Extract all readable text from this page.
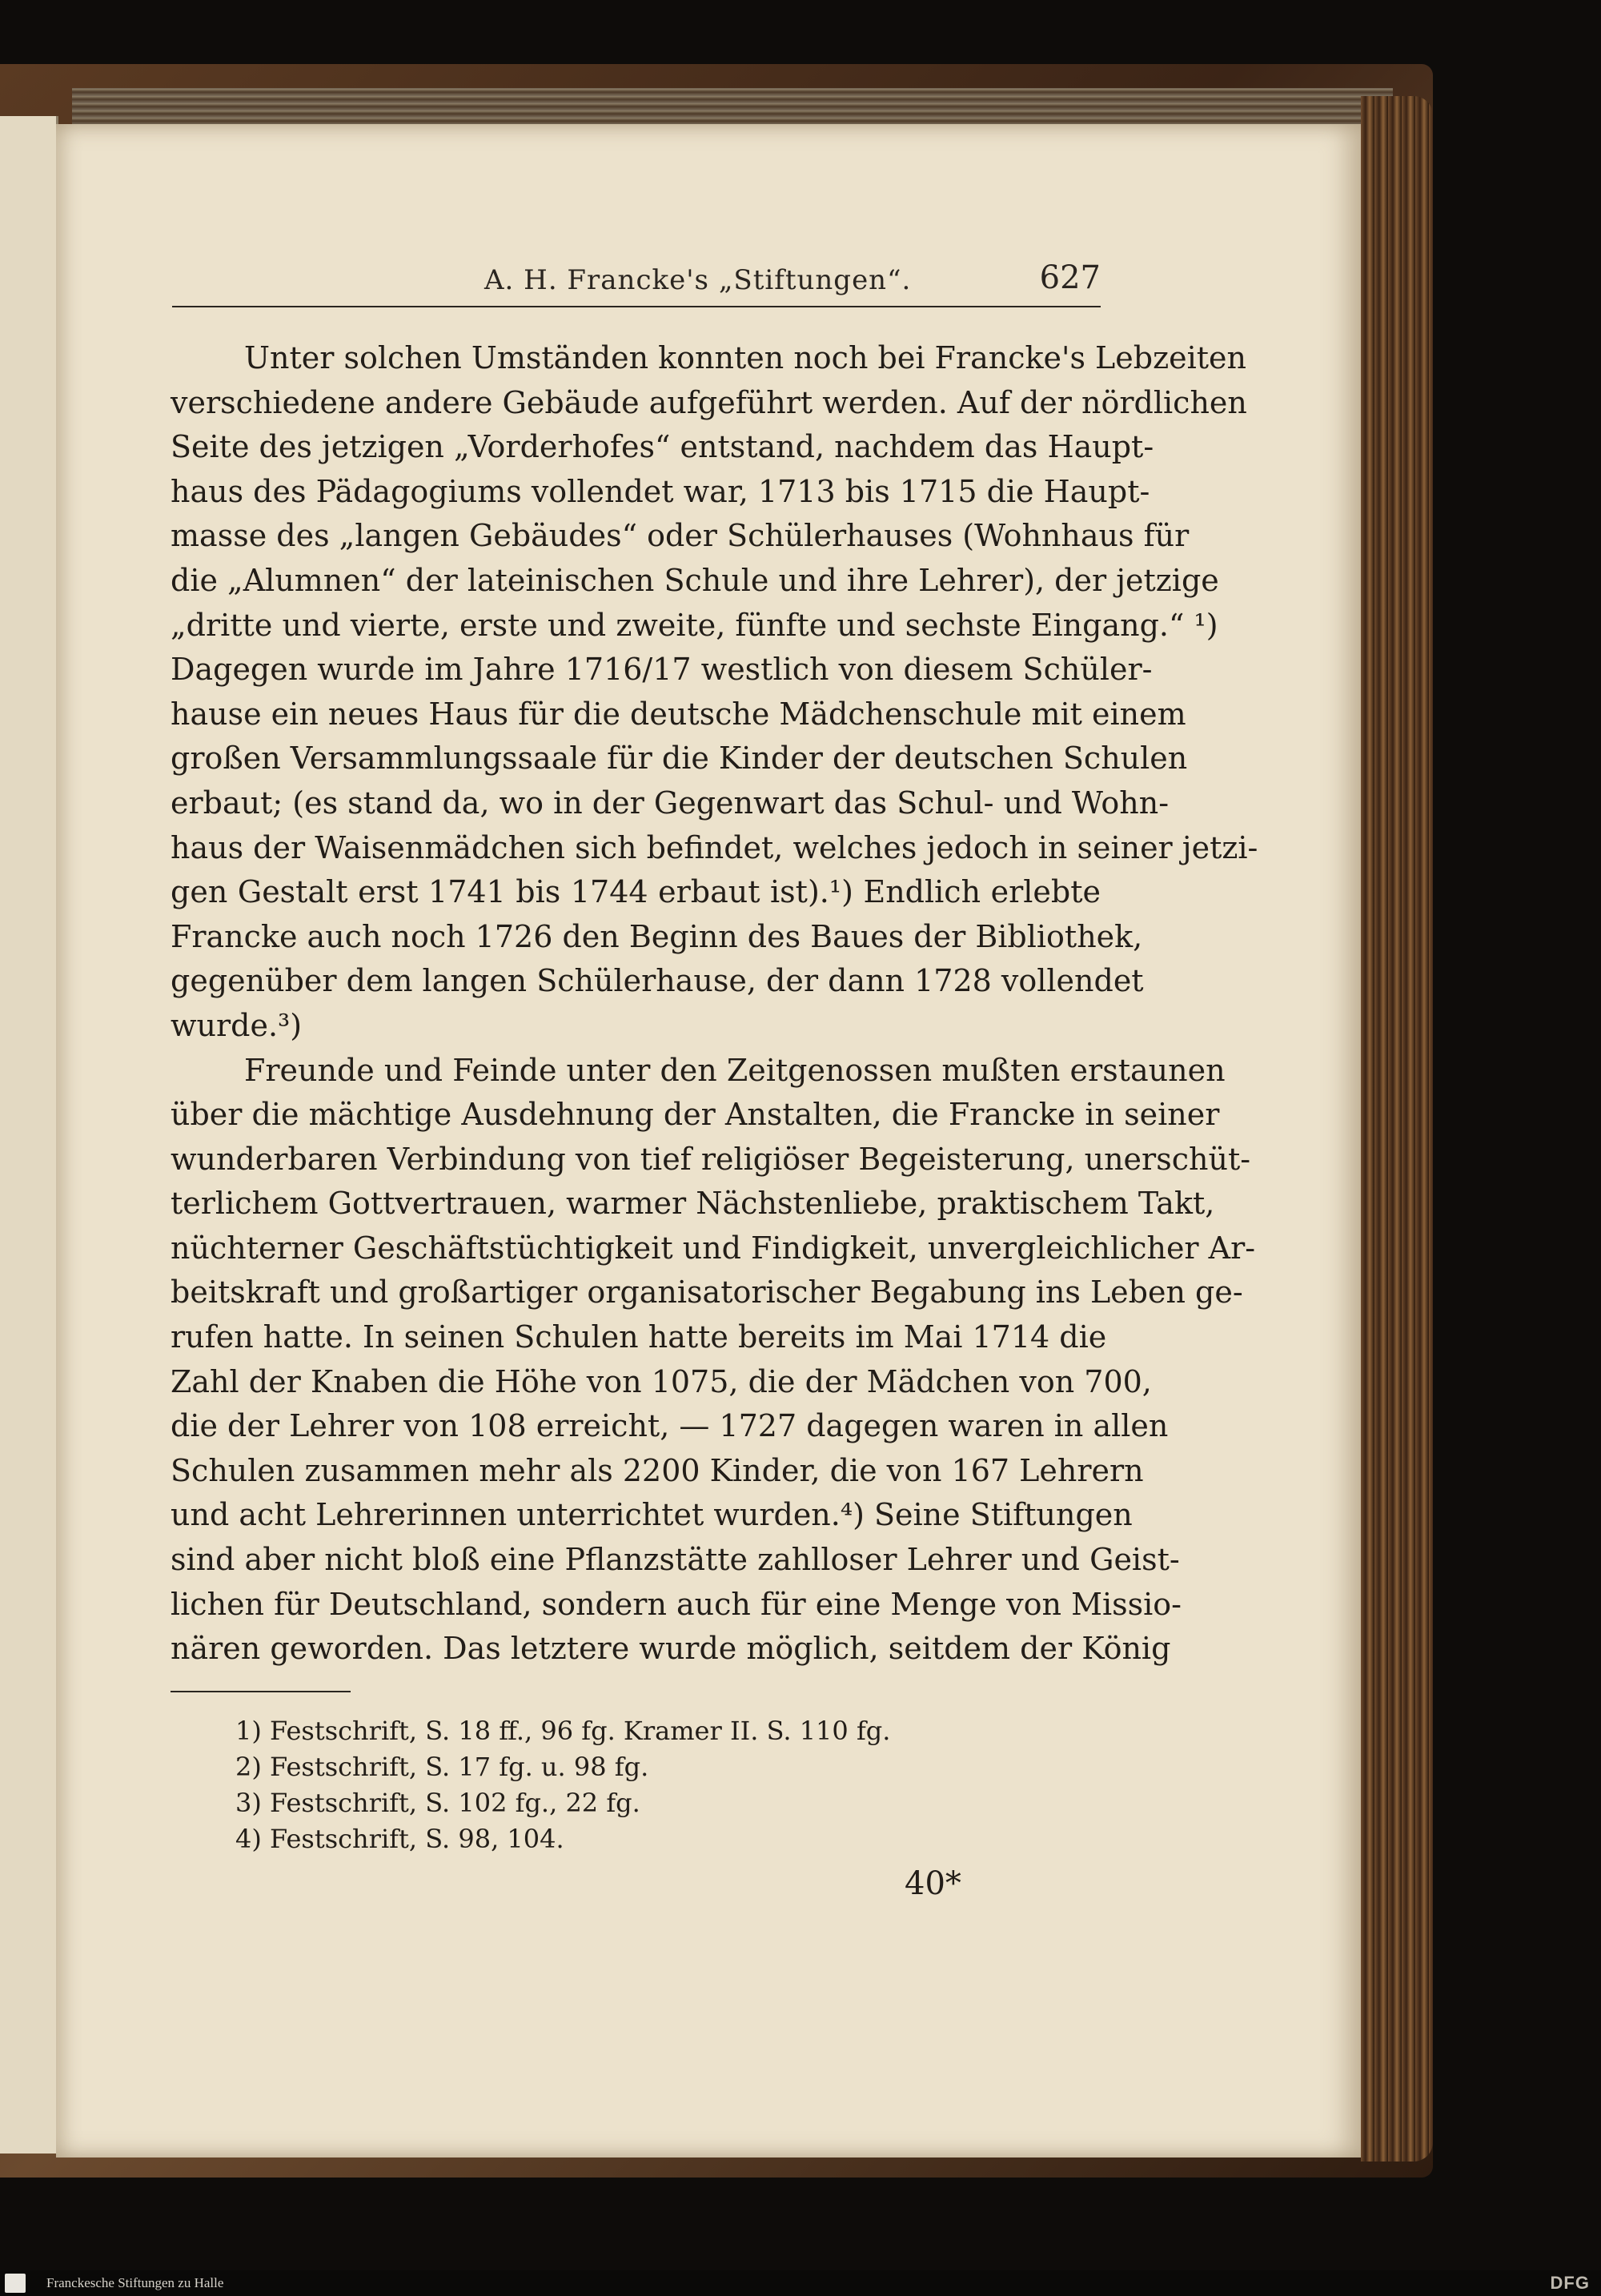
A. H. Francke's „Stiftungen“.	627
Unter solchen Umständen konnten noch bei Francke's Lebzeiten
verschiedene andere Gebäude aufgeführt werden. Auf der nördlichen
Seite des jetzigen „Vorderhofes“ entstand, nachdem das Haupt-
haus des Pädagogiums vollendet war, 1713 bis 1715 die Haupt-
masse des „langen Gebäudes“ oder Schülerhauses (Wohnhaus für
die „Alumnen“ der lateinischen Schule und ihre Lehrer), der jetzige
„dritte und vierte, erste und zweite, fünfte und sechste Eingang.“ ¹)
Dagegen wurde im Jahre 1716/17 westlich von diesem Schüler-
hause ein neues Haus für die deutsche Mädchenschule mit einem
großen Versammlungssaale für die Kinder der deutschen Schulen
erbaut; (es stand da, wo in der Gegenwart das Schul- und Wohn-
haus der Waisenmädchen sich befindet, welches jedoch in seiner jetzi-
gen Gestalt erst 1741 bis 1744 erbaut ist).¹) Endlich erlebte
Francke auch noch 1726 den Beginn des Baues der Bibliothek,
gegenüber dem langen Schülerhause, der dann 1728 vollendet
wurde.³)
Freunde und Feinde unter den Zeitgenossen mußten erstaunen
über die mächtige Ausdehnung der Anstalten, die Francke in seiner
wunderbaren Verbindung von tief religiöser Begeisterung, unerschüt-
terlichem Gottvertrauen, warmer Nächstenliebe, praktischem Takt,
nüchterner Geschäftstüchtigkeit und Findigkeit, unvergleichlicher Ar-
beitskraft und großartiger organisatorischer Begabung ins Leben ge-
rufen hatte. In seinen Schulen hatte bereits im Mai 1714 die
Zahl der Knaben die Höhe von 1075, die der Mädchen von 700,
die der Lehrer von 108 erreicht, — 1727 dagegen waren in allen
Schulen zusammen mehr als 2200 Kinder, die von 167 Lehrern
und acht Lehrerinnen unterrichtet wurden.⁴) Seine Stiftungen
sind aber nicht bloß eine Pflanzstätte zahlloser Lehrer und Geist-
lichen für Deutschland, sondern auch für eine Menge von Missio-
nären geworden. Das letztere wurde möglich, seitdem der König
1) Festschrift, S. 18 ff., 96 fg. Kramer II. S. 110 fg.
2) Festschrift, S. 17 fg. u. 98 fg.
3) Festschrift, S. 102 fg., 22 fg.
4) Festschrift, S. 98, 104.
40*
Franckesche Stiftungen zu Halle	DFG
